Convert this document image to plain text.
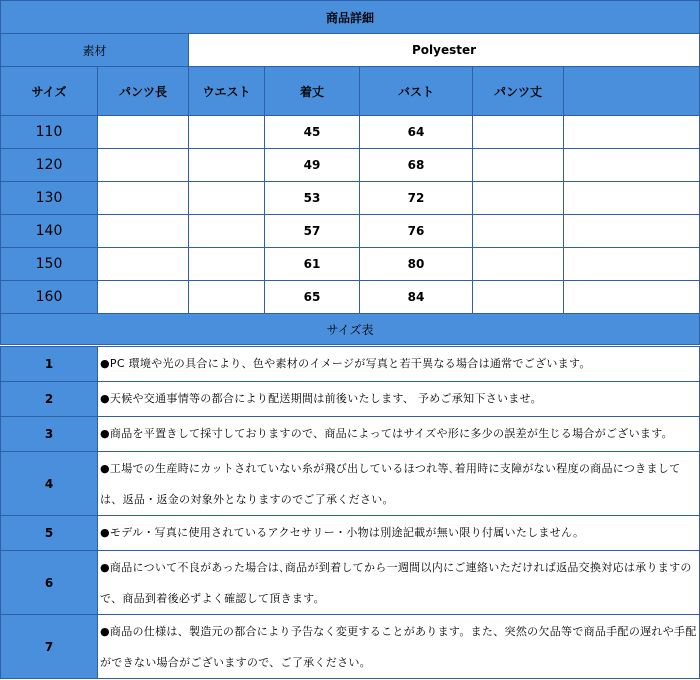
商品詳細						
素材		Polyester				
サイズ	パンツ長	ウエスト	着丈	バスト	パンツ丈	
110			45	64		
120			49	68		
130			53	72		
140			57	76		
150			61	80		
160			65	84		
サイズ表						
1	●PC 環境や光の具合により、色や素材のイメージが写真と若干異なる場合は通常でございます。
2	●天候や交通事情等の都合により配送期間は前後いたします、 予めご承知下さいませ。
3	●商品を平置きして採寸しておりますので、商品によってはサイズや形に多少の誤差が生じる場合がございます。
4	●工場での生産時にカットされていない糸が飛び出しているほつれ等､着用時に支障がない程度の商品につきましては、返品・返金の対象外となりますのでご了承ください。
5	●モデル・写真に使用されているアクセサリー・小物は別途記載が無い限り付属いたしません。
6	●商品について不良があった場合は､商品が到着してから一週間以内にご連絡いただければ返品交換対応は承りますので、商品到着後必ずよく確認して頂きます。
7	●商品の仕様は、製造元の都合により予告なく変更することがあります。また、突然の欠品等で商品手配の遅れや手配ができない場合がございますので、ご了承ください。
